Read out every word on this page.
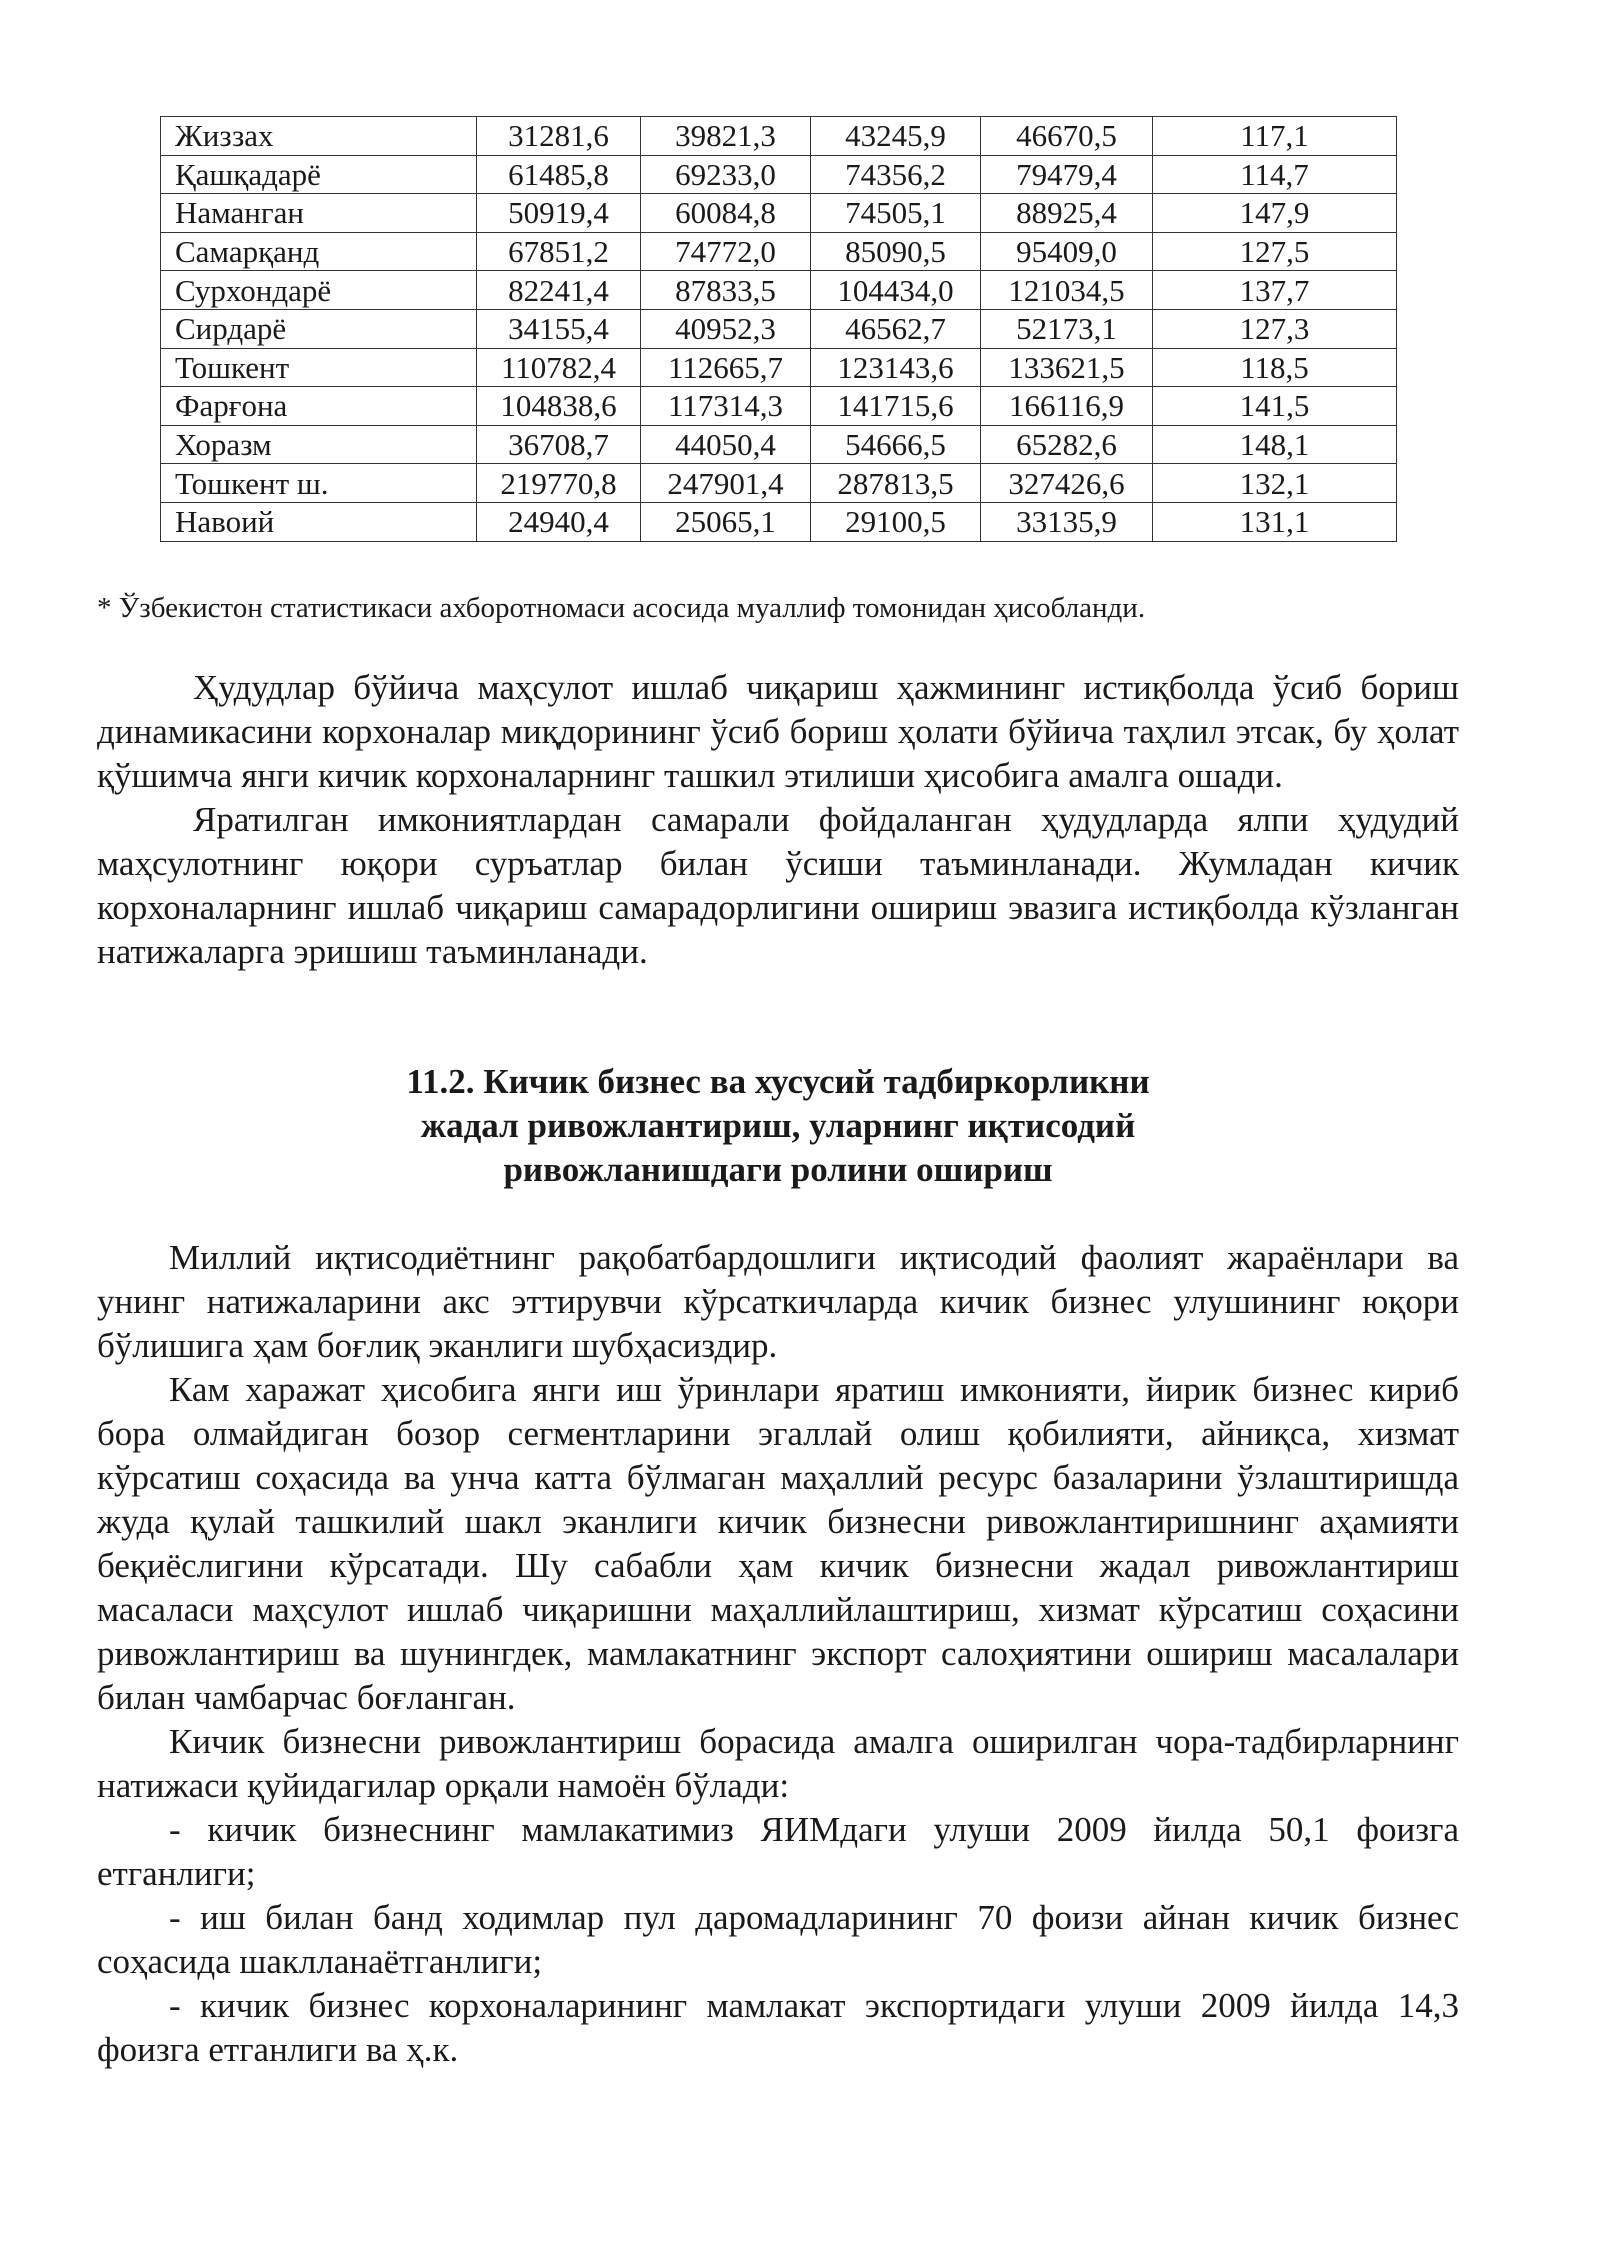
Жиззах	31281,6	39821,3	43245,9	46670,5	117,1
Қашқадарё	61485,8	69233,0	74356,2	79479,4	114,7
Наманган	50919,4	60084,8	74505,1	88925,4	147,9
Самарқанд	67851,2	74772,0	85090,5	95409,0	127,5
Сурхондарё	82241,4	87833,5	104434,0	121034,5	137,7
Сирдарё	34155,4	40952,3	46562,7	52173,1	127,3
Тошкент	110782,4	112665,7	123143,6	133621,5	118,5
Фарғона	104838,6	117314,3	141715,6	166116,9	141,5
Хоразм	36708,7	44050,4	54666,5	65282,6	148,1
Тошкент ш.	219770,8	247901,4	287813,5	327426,6	132,1
Навоий	24940,4	25065,1	29100,5	33135,9	131,1
* Ўзбекистон статистикаси ахборотномаси асосида муаллиф томонидан ҳисобланди.

Ҳудудлар бўйича маҳсулот ишлаб чиқариш ҳажмининг истиқболда ўсиб бориш динамикасини корхоналар миқдорининг ўсиб бориш ҳолати бўйича таҳлил этсак, бу ҳолат қўшимча янги кичик корхоналарнинг ташкил этилиши ҳисобига амалга ошади.

Яратилган имкониятлардан самарали фойдаланган ҳудудларда ялпи ҳудудий маҳсулотнинг юқори суръатлар билан ўсиши таъминланади. Жумладан кичик корхоналарнинг ишлаб чиқариш самарадорлигини ошириш эвазига истиқболда кўзланган натижаларга эришиш таъминланади.

11.2. Кичик бизнес ва хусусий тадбиркорликни
жадал ривожлантириш, уларнинг иқтисодий
ривожланишдаги ролини ошириш

Миллий иқтисодиётнинг рақобатбардошлиги иқтисодий фаолият жараёнлари ва унинг натижаларини акс эттирувчи кўрсаткичларда кичик бизнес улушининг юқори бўлишига ҳам боғлиқ эканлиги шубҳасиздир.

Кам харажат ҳисобига янги иш ўринлари яратиш имконияти, йирик бизнес кириб бора олмайдиган бозор сегментларини эгаллай олиш қобилияти, айниқса, хизмат кўрсатиш соҳасида ва унча катта бўлмаган маҳаллий ресурс базаларини ўзлаштиришда жуда қулай ташкилий шакл эканлиги кичик бизнесни ривожлантиришнинг аҳамияти беқиёслигини кўрсатади. Шу сабабли ҳам кичик бизнесни жадал ривожлантириш масаласи маҳсулот ишлаб чиқаришни маҳаллийлаштириш, хизмат кўрсатиш соҳасини ривожлантириш ва шунингдек, мамлакатнинг экспорт салоҳиятини ошириш масалалари билан чамбарчас боғланган.

Кичик бизнесни ривожлантириш борасида амалга оширилган чора-тадбирларнинг натижаси қуйидагилар орқали намоён бўлади:

- кичик бизнеснинг мамлакатимиз ЯИМдаги улуши 2009 йилда 50,1 фоизга етганлиги;

- иш билан банд ходимлар пул даромадларининг 70 фоизи айнан кичик бизнес соҳасида шаклланаётганлиги;

- кичик бизнес корхоналарининг мамлакат экспортидаги улуши 2009 йилда 14,3 фоизга етганлиги ва ҳ.к.
